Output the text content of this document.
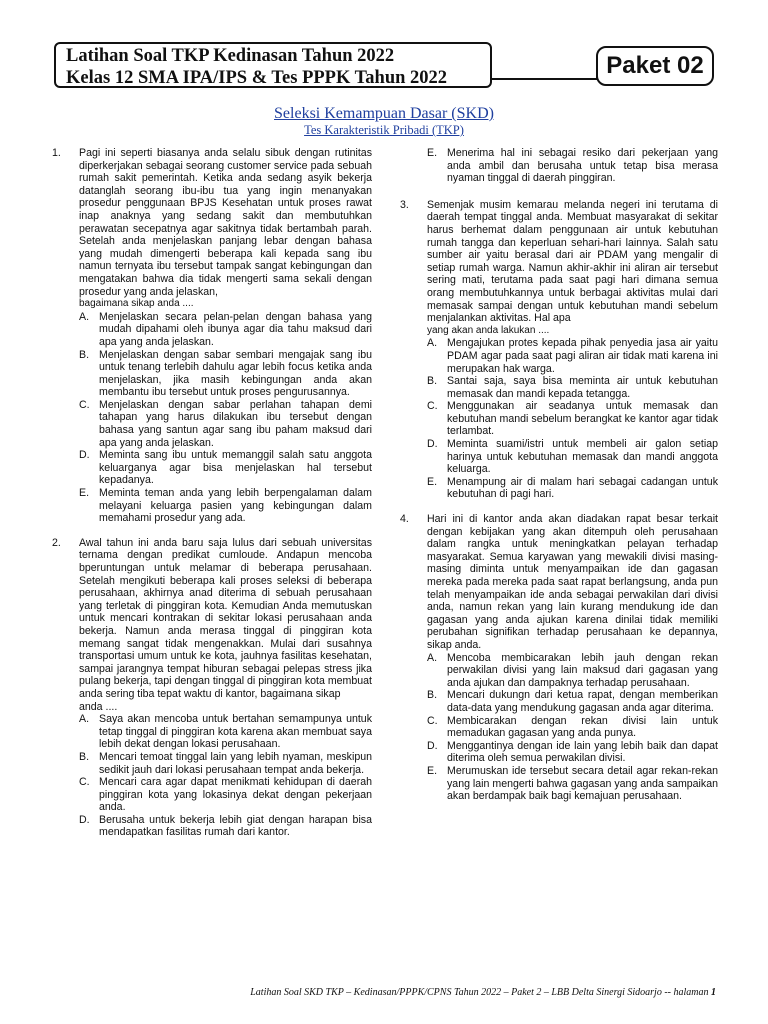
Latihan Soal TKP Kedinasan Tahun 2022
Kelas 12 SMA IPA/IPS & Tes PPPK Tahun 2022	Paket 02
Seleksi Kemampuan Dasar (SKD)
Tes Karakteristik Pribadi (TKP)
1.	Pagi ini seperti biasanya anda selalu sibuk dengan rutinitas diperkerjakan sebagai seorang customer service pada sebuah rumah sakit pemerintah. Ketika anda sedang asyik bekerja datanglah seorang ibu-ibu tua yang ingin menanyakan prosedur penggunaan BPJS Kesehatan untuk proses rawat inap anaknya yang sedang sakit dan membutuhkan perawatan secepatnya agar sakitnya tidak bertambah parah. Setelah anda menjelaskan panjang lebar dengan bahasa yang mudah dimengerti beberapa kali kepada sang ibu namun ternyata ibu tersebut tampak sangat kebingungan dan mengatakan bahwa dia tidak mengerti sama sekali dengan prosedur yang anda jelaskan,

bagaimana sikap anda ....
A. Menjelaskan secara pelan-pelan dengan bahasa yang mudah dipahami oleh ibunya agar dia tahu maksud dari apa yang anda jelaskan.
B. Menjelaskan dengan sabar sembari mengajak sang ibu untuk tenang terlebih dahulu agar lebih focus ketika anda menjelaskan, jika masih kebingungan anda akan membantu ibu tersebut untuk proses pengurusannya.
C. Menjelaskan dengan sabar perlahan tahapan demi tahapan yang harus dilakukan ibu tersebut dengan bahasa yang santun agar sang ibu paham maksud dari apa yang anda jelaskan.
D. Meminta sang ibu untuk memanggil salah satu anggota keluarganya agar bisa menjelaskan hal tersebut kepadanya.
E. Meminta teman anda yang lebih berpengalaman dalam melayani keluarga pasien yang kebingungan dalam memahami prosedur yang ada.
2.	Awal tahun ini anda baru saja lulus dari sebuah universitas ternama dengan predikat cumloude. Andapun mencoba bperuntungan untuk melamar di beberapa perusahaan. Setelah mengikuti beberapa kali proses seleksi di beberapa perusahaan, akhirnya anad diterima di sebuah perusahaan yang terletak di pinggiran kota. Kemudian Anda memutuskan untuk mencari kontrakan di sekitar lokasi perusahaan anda bekerja. Namun anda merasa tinggal di pinggiran kota memang sangat tidak mengenakkan. Mulai dari susahnya transportasi umum untuk ke kota, jauhnya fasilitas kesehatan, sampai jarangnya tempat hiburan sebagai pelepas stress jika pulang bekerja, tapi dengan tinggal di pinggiran kota membuat anda sering tiba tepat waktu di kantor, bagaimana sikap

anda ....
A. Saya akan mencoba untuk bertahan semampunya untuk tetap tinggal di pinggiran kota karena akan membuat saya lebih dekat dengan lokasi perusahaan.
B. Mencari temoat tinggal lain yang lebih nyaman, meskipun sedikit jauh dari lokasi perusahaan tempat anda bekerja.
C. Mencari cara agar dapat menikmati kehidupan di daerah pinggiran kota yang lokasinya dekat dengan pekerjaan anda.
D. Berusaha untuk bekerja lebih giat dengan harapan bisa mendapatkan fasilitas rumah dari kantor.
E. Menerima hal ini sebagai resiko dari pekerjaan yang anda ambil dan berusaha untuk tetap bisa merasa nyaman tinggal di daerah pinggiran.
3.	Semenjak musim kemarau melanda negeri ini terutama di daerah tempat tinggal anda. Membuat masyarakat di sekitar harus berhemat dalam penggunaan air untuk kebutuhan rumah tangga dan keperluan sehari-hari lainnya. Salah satu sumber air yaitu berasal dari air PDAM yang mengalir di setiap rumah warga. Namun akhir-akhir ini aliran air tersebut sering mati, terutama pada saat pagi hari dimana semua orang membutuhkannya untuk berbagai aktivitas mulai dari memasak sampai dengan untuk kebutuhan mandi sebelum menjalankan aktivitas. Hal apa

yang akan anda lakukan ....
A. Mengajukan protes kepada pihak penyedia jasa air yaitu PDAM agar pada saat pagi aliran air tidak mati karena ini merupakan hak warga.
B. Santai saja, saya bisa meminta air untuk kebutuhan memasak dan mandi kepada tetangga.
C. Menggunakan air seadanya untuk memasak dan kebutuhan mandi sebelum berangkat ke kantor agar tidak terlambat.
D. Meminta suami/istri untuk membeli air galon setiap harinya untuk kebutuhan memasak dan mandi anggota keluarga.
E. Menampung air di malam hari sebagai cadangan untuk kebutuhan di pagi hari.
4.	Hari ini di kantor anda akan diadakan rapat besar terkait dengan kebijakan yang akan ditempuh oleh perusahaan dalam rangka untuk meningkatkan pelayan terhadap masyarakat. Semua karyawan yang mewakili divisi masing-masing diminta untuk menyampaikan ide dan gagasan mereka pada mereka pada saat rapat berlangsung, anda pun telah menyampaikan ide anda sebagai perwakilan dari divisi anda, namun rekan yang lain kurang mendukung ide dan gagasan yang anda ajukan karena dinilai tidak memiliki perubahan signifikan terhadap perusahaan ke depannya, sikap anda.

A. Mencoba membicarakan lebih jauh dengan rekan perwakilan divisi yang lain maksud dari gagasan yang anda ajukan dan dampaknya terhadap perusahaan.
B. Mencari dukungn dari ketua rapat, dengan memberikan data-data yang mendukung gagasan anda agar diterima.
C. Membicarakan dengan rekan divisi lain untuk memadukan gagasan yang anda punya.
D. Menggantinya dengan ide lain yang lebih baik dan dapat diterima oleh semua perwakilan divisi.
E. Merumuskan ide tersebut secara detail agar rekan-rekan yang lain mengerti bahwa gagasan yang anda sampaikan akan berdampak baik bagi kemajuan perusahaan.
Latihan Soal SKD TKP – Kedinasan/PPPK/CPNS Tahun 2022 – Paket 2 – LBB Delta Sinergi Sidoarjo -- halaman 1
